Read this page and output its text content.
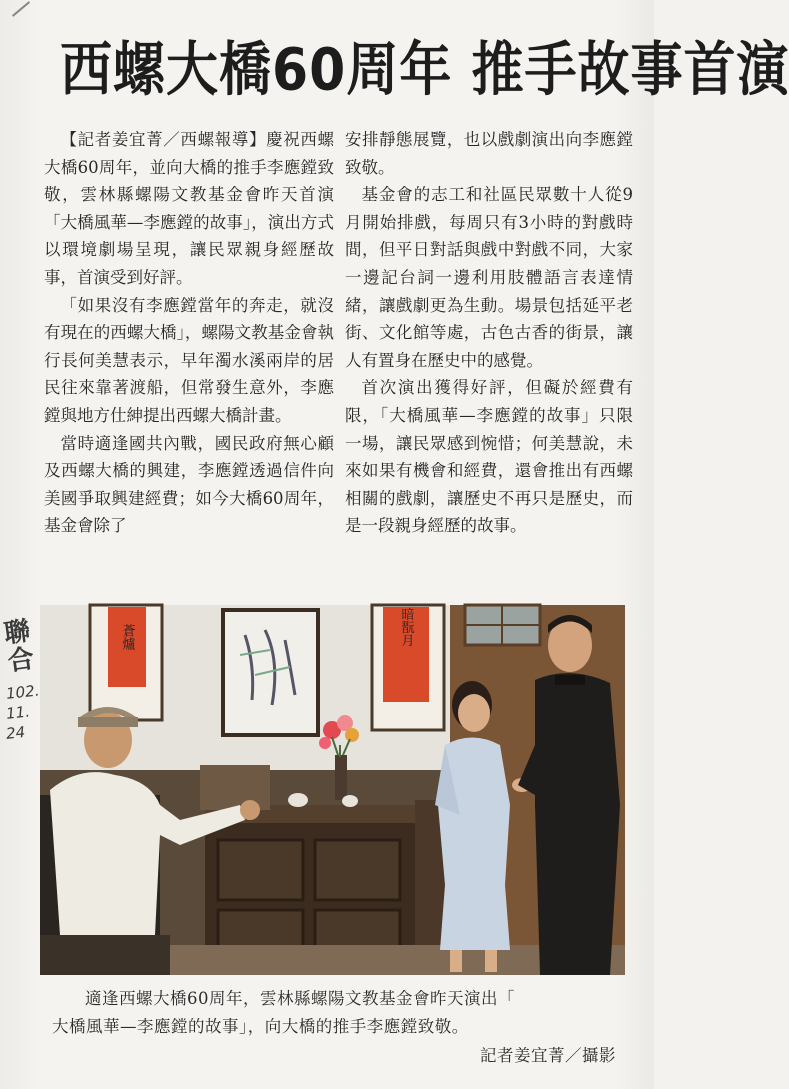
西螺大橋60周年 推手故事首演

【記者姜宜菁／西螺報導】慶祝西螺大橋60周年，並向大橋的推手李應鏜致敬，雲林縣螺陽文教基金會昨天首演「大橋風華—李應鏜的故事」，演出方式以環境劇場呈現，讓民眾親身經歷故事，首演受到好評。

「如果沒有李應鏜當年的奔走，就沒有現在的西螺大橋」，螺陽文教基金會執行長何美慧表示，早年濁水溪兩岸的居民往來靠著渡船，但常發生意外，李應鏜與地方仕紳提出西螺大橋計畫。

當時適逢國共內戰，國民政府無心顧及西螺大橋的興建，李應鏜透過信件向美國爭取興建經費；如今大橋60周年，基金會除了

安排靜態展覽，也以戲劇演出向李應鏜致敬。

基金會的志工和社區民眾數十人從9月開始排戲，每周只有3小時的對戲時間，但平日對話與戲中對戲不同，大家一邊記台詞一邊利用肢體語言表達情緒，讓戲劇更為生動。場景包括延平老街、文化館等處，古色古香的街景，讓人有置身在歷史中的感覺。

首次演出獲得好評，但礙於經費有限，「大橋風華—李應鏜的故事」只限一場，讓民眾感到惋惜；何美慧說，未來如果有機會和經費，還會推出有西螺相關的戲劇，讓歷史不再只是歷史，而是一段親身經歷的故事。

聯合
102.
11.
24
蒼爐	暗翫月
適逢西螺大橋60周年，雲林縣螺陽文教基金會昨天演出「
大橋風華—李應鏜的故事」，向大橋的推手李應鏜致敬。
記者姜宜菁／攝影
